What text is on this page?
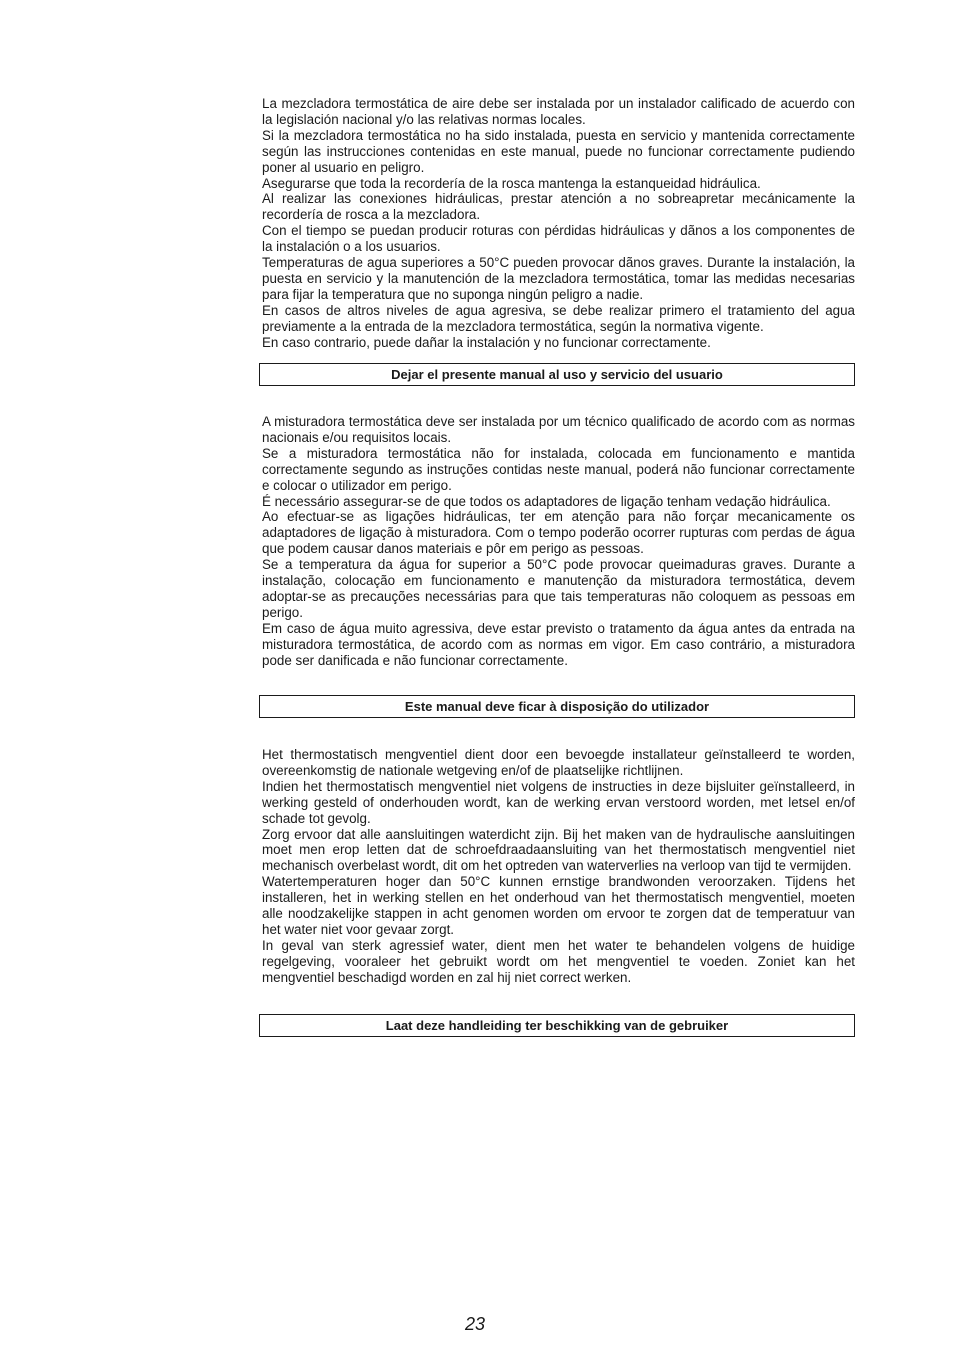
La mezcladora termostática de aire debe ser instalada por un instalador calificado de acuerdo con la legislación nacional y/o las relativas normas locales.

Si la mezcladora termostática no ha sido instalada, puesta en servicio y mantenida correctamente según las instrucciones contenidas en este manual, puede no funcionar correctamente pudiendo poner al usuario en peligro.

Asegurarse que toda la recordería de la rosca mantenga la estanqueidad hidráulica.

Al realizar las conexiones hidráulicas, prestar atención a no sobreapretar mecánicamente la recordería de rosca a la mezcladora.

Con el tiempo se puedan producir roturas con pérdidas hidráulicas y dãnos a los componentes de la instalación o a los usuarios.

Temperaturas de agua superiores a 50°C pueden provocar dãnos graves. Durante la instalación, la puesta en servicio y la manutención de la mezcladora termostática, tomar las medidas necesarias para fijar la temperatura que no suponga ningún peligro a nadie.

En casos de altros niveles de agua agresiva, se debe realizar primero el tratamiento del agua previamente a la entrada de la mezcladora termostática, según la normativa vigente.

En caso contrario, puede dañar la instalación y no funcionar correctamente.

Dejar el presente manual al uso y servicio del usuario

A misturadora termostática deve ser instalada por um técnico qualificado de acordo com as normas nacionais e/ou requisitos locais.

Se a misturadora termostática não for instalada, colocada em funcionamento e mantida correctamente segundo as instruções contidas neste manual, poderá não funcionar correctamente e colocar o utilizador em perigo.

É necessário assegurar-se de que todos os adaptadores de ligação tenham vedação hidráulica.

Ao efectuar-se as ligações hidráulicas, ter em atenção para não forçar mecanicamente os adaptadores de ligação à misturadora. Com o tempo poderão ocorrer rupturas com perdas de água que podem causar danos materiais e pôr em perigo as pessoas.

Se a temperatura da água for superior a 50°C pode provocar queimaduras graves. Durante a instalação, colocação em funcionamento e manutenção da misturadora termostática, devem adoptar-se as precauções necessárias para que tais temperaturas não coloquem as pessoas em perigo.

Em caso de água muito agressiva, deve estar previsto o tratamento da água antes da entrada na misturadora termostática, de acordo com as normas em vigor. Em caso contrário, a misturadora pode ser danificada e não funcionar correctamente.

Este manual deve ficar à disposição do utilizador

Het thermostatisch mengventiel dient door een bevoegde installateur geïnstalleerd te worden, overeenkomstig de nationale wetgeving en/of de plaatselijke richtlijnen.

Indien het thermostatisch mengventiel niet volgens de instructies in deze bijsluiter geïnstalleerd, in werking gesteld of onderhouden wordt, kan de werking ervan verstoord worden, met letsel en/of schade tot gevolg.

Zorg ervoor dat alle aansluitingen waterdicht zijn. Bij het maken van de hydraulische aansluitingen moet men erop letten dat de schroefdraadaansluiting van het thermostatisch mengventiel niet mechanisch overbelast wordt, dit om het optreden van waterverlies na verloop van tijd te vermijden.

Watertemperaturen hoger dan 50°C kunnen ernstige brandwonden veroorzaken. Tijdens het installeren, het in werking stellen en het onderhoud van het thermostatisch mengventiel, moeten alle noodzakelijke stappen in acht genomen worden om ervoor te zorgen dat de temperatuur van het water niet voor gevaar zorgt.

In geval van sterk agressief water, dient men het water te behandelen volgens de huidige regelgeving, vooraleer het gebruikt wordt om het mengventiel te voeden. Zoniet kan het mengventiel beschadigd worden en zal hij niet correct werken.

Laat deze handleiding ter beschikking van de gebruiker
23
